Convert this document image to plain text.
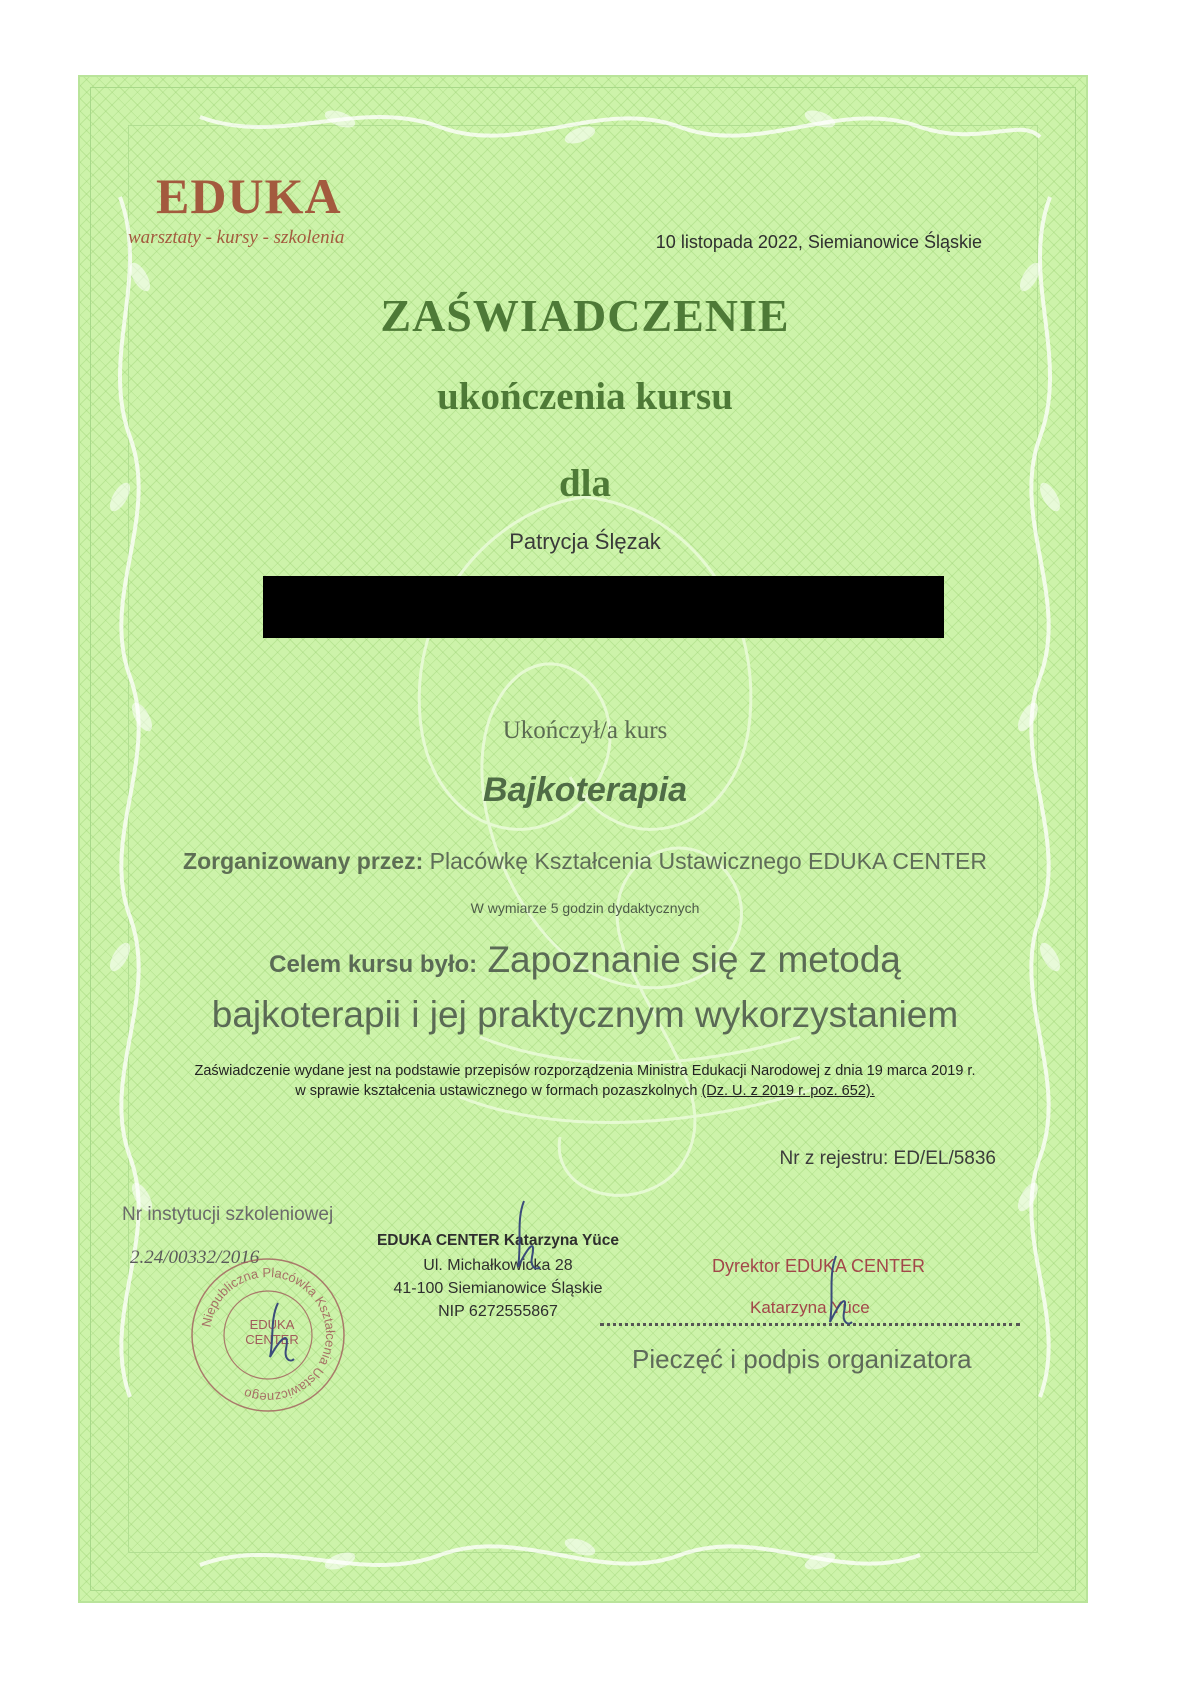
EDUKA
warsztaty - kursy - szkolenia	10 listopada 2022, Siemianowice Śląskie
ZAŚWIADCZENIE
ukończenia kursu
dla
Patrycja Ślęzak
Ukończył/a kurs
Bajkoterapia
Zorganizowany przez: Placówkę Kształcenia Ustawicznego EDUKA CENTER
W wymiarze 5 godzin dydaktycznych
Celem kursu było: Zapoznanie się z metodą
bajkoterapii i jej praktycznym wykorzystaniem
Zaświadczenie wydane jest na podstawie przepisów rozporządzenia Ministra Edukacji Narodowej z dnia 19 marca 2019 r.
w sprawie kształcenia ustawicznego w formach pozaszkolnych (Dz. U. z 2019 r. poz. 652).
Nr z rejestru: ED/EL/5836
Nr instytucji szkoleniowej
2.24/00332/2016
EDUKA CENTER Katarzyna Yüce
Ul. Michałkowicka 28
41-100 Siemianowice Śląskie
NIP 6272555867
Dyrektor EDUKA CENTER
Katarzyna Yüce
Pieczęć i podpis organizatora
Niepubliczna Placówka Kształcenia Ustawicznego
EDUKA CENTER
